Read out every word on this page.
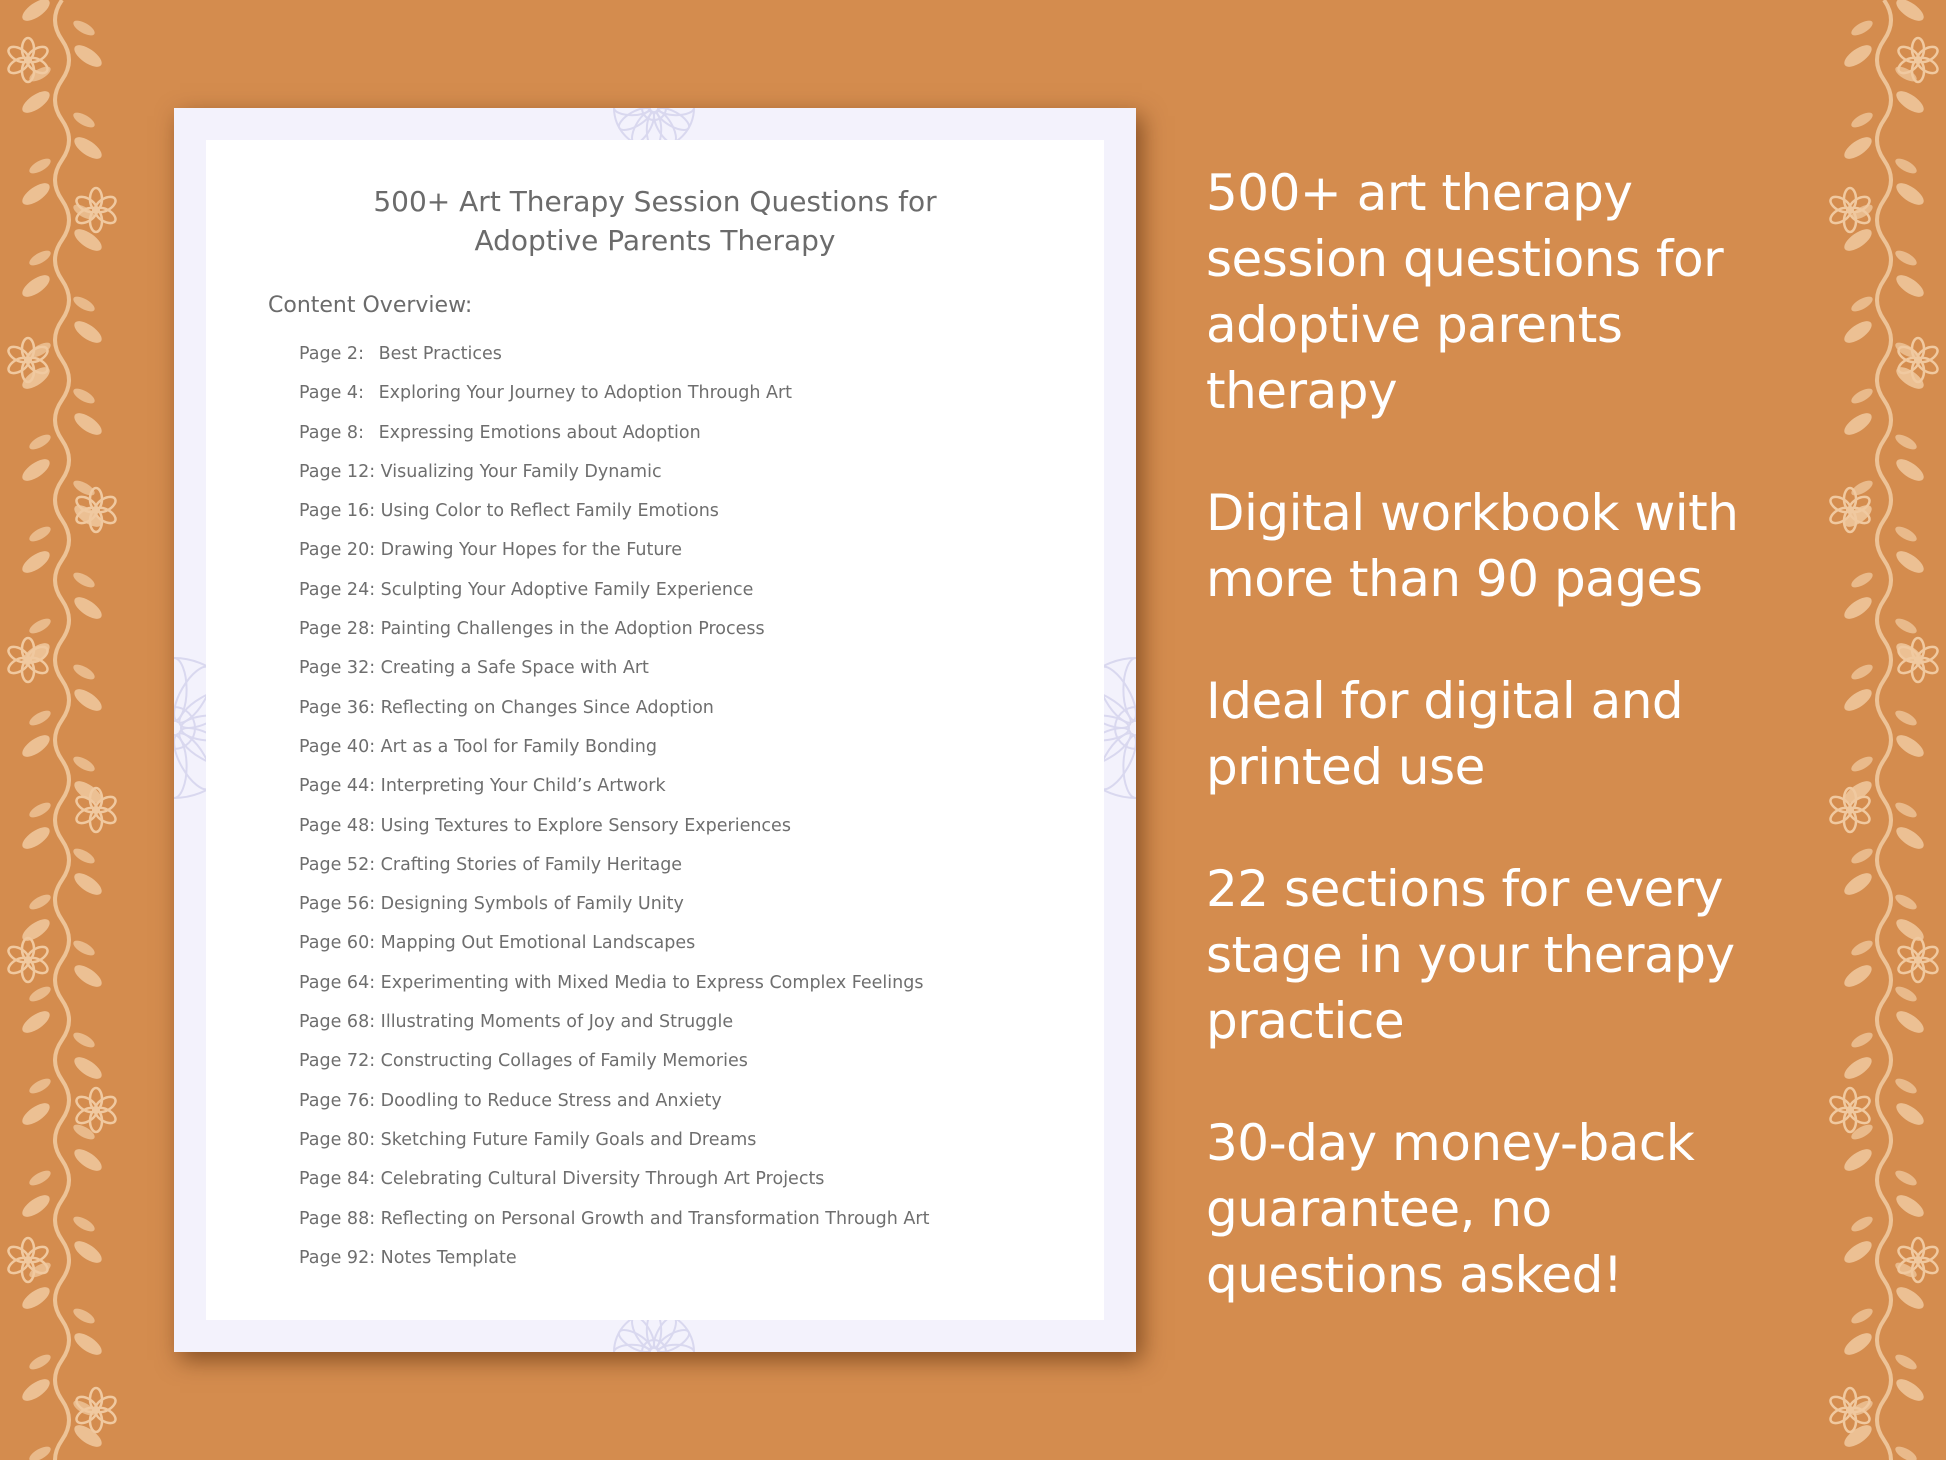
500+ Art Therapy Session Questions for
Adoptive Parents Therapy
Content Overview:
Page 2: Best Practices
Page 4: Exploring Your Journey to Adoption Through Art
Page 8: Expressing Emotions about Adoption
Page 12: Visualizing Your Family Dynamic
Page 16: Using Color to Reflect Family Emotions
Page 20: Drawing Your Hopes for the Future
Page 24: Sculpting Your Adoptive Family Experience
Page 28: Painting Challenges in the Adoption Process
Page 32: Creating a Safe Space with Art
Page 36: Reflecting on Changes Since Adoption
Page 40: Art as a Tool for Family Bonding
Page 44: Interpreting Your Child’s Artwork
Page 48: Using Textures to Explore Sensory Experiences
Page 52: Crafting Stories of Family Heritage
Page 56: Designing Symbols of Family Unity
Page 60: Mapping Out Emotional Landscapes
Page 64: Experimenting with Mixed Media to Express Complex Feelings
Page 68: Illustrating Moments of Joy and Struggle
Page 72: Constructing Collages of Family Memories
Page 76: Doodling to Reduce Stress and Anxiety
Page 80: Sketching Future Family Goals and Dreams
Page 84: Celebrating Cultural Diversity Through Art Projects
Page 88: Reflecting on Personal Growth and Transformation Through Art
Page 92: Notes Template

500+ art therapy
session questions for
adoptive parents
therapy

Digital workbook with
more than 90 pages

Ideal for digital and
printed use

22 sections for every
stage in your therapy
practice

30-day money-back
guarantee, no
questions asked!
